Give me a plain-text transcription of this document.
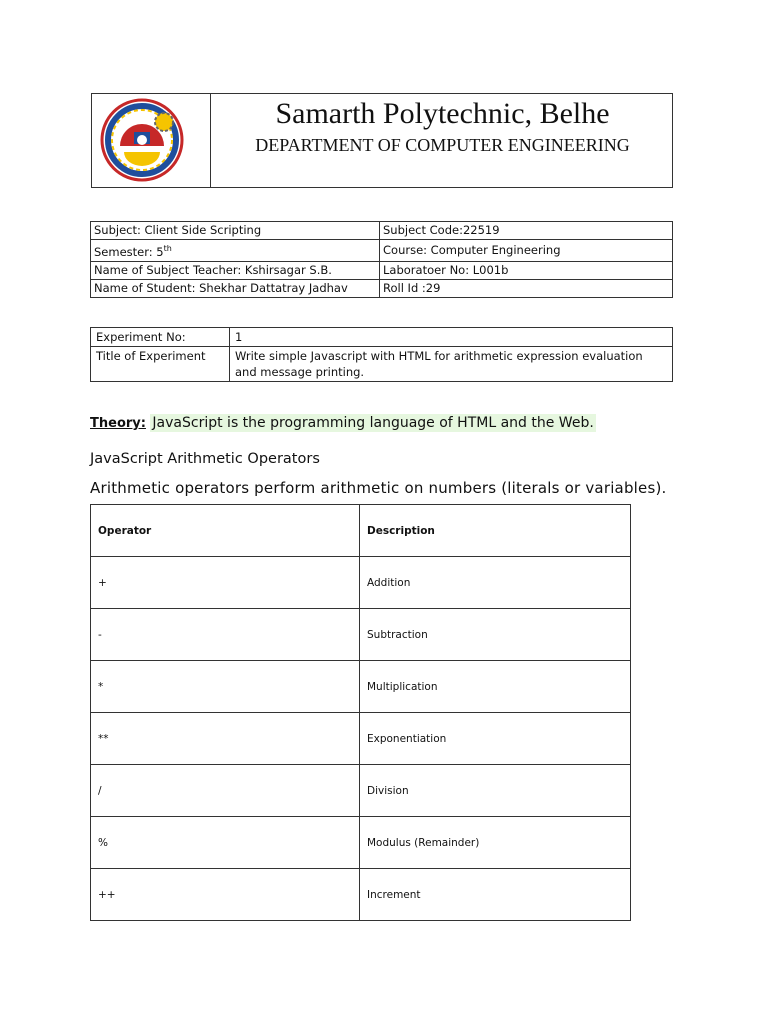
Samarth Polytechnic, Belhe
DEPARTMENT OF COMPUTER ENGINEERING
Subject: Client Side Scripting	Subject Code:22519
Semester: 5th	Course: Computer Engineering
Name of Subject Teacher: Kshirsagar S.B.	Laboratoer No: L001b
Name of Student: Shekhar Dattatray Jadhav	Roll Id :29
Experiment No:	1
Title of Experiment	Write simple Javascript with HTML for arithmetic expression evaluation and message printing.
Theory: JavaScript is the programming language of HTML and the Web.
JavaScript Arithmetic Operators
Arithmetic operators perform arithmetic on numbers (literals or variables).
Operator	Description
+	Addition
-	Subtraction
*	Multiplication
**	Exponentiation
/	Division
%	Modulus (Remainder)
++	Increment
